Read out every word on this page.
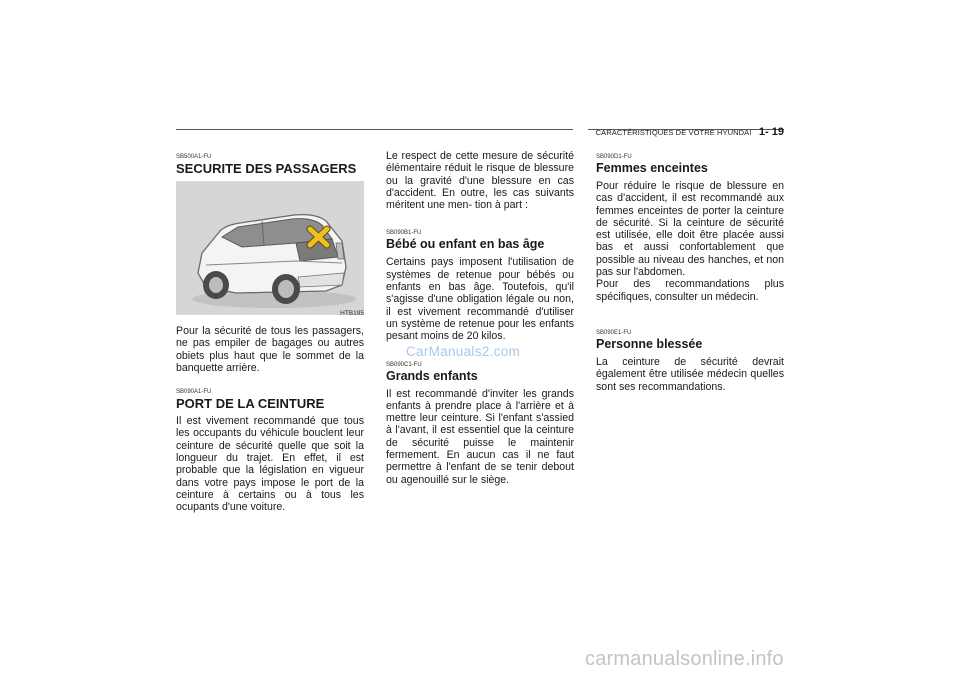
CARACTÉRISTIQUES DE VOTRE HYUNDAI 1- 19
SB500A1-FU
SECURITE DES PASSAGERS
HTB195

Pour la sécurité de tous les passagers, ne pas empiler de bagages ou autres obiets plus haut que le sommet de la banquette arrière.

SB090A1-FU
PORT DE LA CEINTURE

Il est vivement recommandé que tous les occupants du véhicule bouclent leur ceinture de sécurité quelle que soit la longueur du trajet. En effet, il est probable que la législation en vigueur dans votre pays impose le port de la ceinture à certains ou à tous les ocupants d'une voiture.

Le respect de cette mesure de sécurité élémentaire réduit le risque de blessure ou la gravité d'une blessure en cas d'accident. En outre, les cas suivants méritent une men- tion à part :

SB090B1-FU
Bébé ou enfant en bas âge

Certains pays imposent l'utilisation de systèmes de retenue pour bébés ou enfants en bas âge. Toutefois, qu'il s'agisse d'une obligation légale ou non, il est vivement recommandé d'utiliser un système de retenue pour les enfants pesant moins de 20 kilos.

SB090C1-FU
Grands enfants

Il est recommandé d'inviter les grands enfants à prendre place à l'arrière et à mettre leur ceinture. Si l'enfant s'assied à l'avant, il est essentiel que la ceinture de sécurité puisse le maintenir fermement. En aucun cas il ne faut permettre à l'enfant de se tenir debout ou agenouillé sur le siège.

SB090D1-FU
Femmes enceintes

Pour réduire le risque de blessure en cas d'accident, il est recommandé aux femmes enceintes de porter la ceinture de sécurité. Si la ceinture de sécurité est utilisée, elle doit être placée aussi bas et aussi confortablement que possible au niveau des hanches, et non pas sur l'abdomen.

Pour des recommandations plus spécifiques, consulter un médecin.

SB090E1-FU
Personne blessée

La ceinture de sécurité devrait également être utilisée médecin quelles sont ses recommandations.

CarManuals2.com
carmanualsonline.info
